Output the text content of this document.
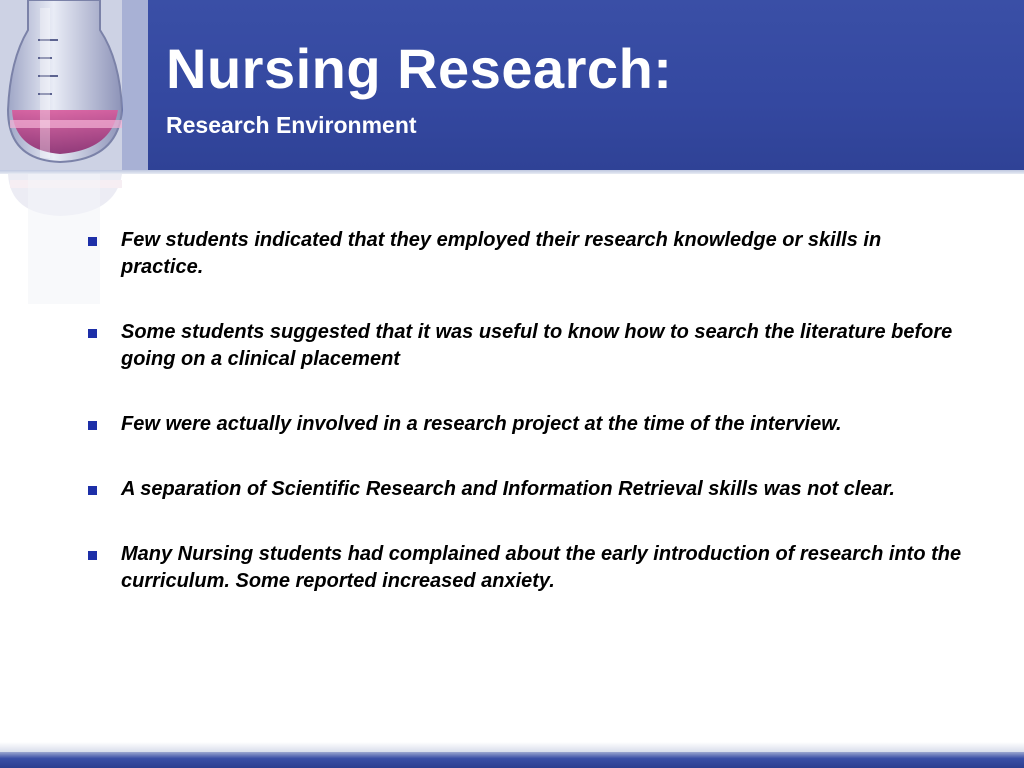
Nursing Research:
Research Environment
Few students indicated that they employed their research knowledge or skills in practice.
Some students suggested that it was useful to know how to search the literature before going on a clinical placement
Few were actually involved in a research project at the time of the interview.
A separation of Scientific Research and Information Retrieval skills was not clear.
Many Nursing students had complained about the early introduction of research into the curriculum. Some reported increased anxiety.
